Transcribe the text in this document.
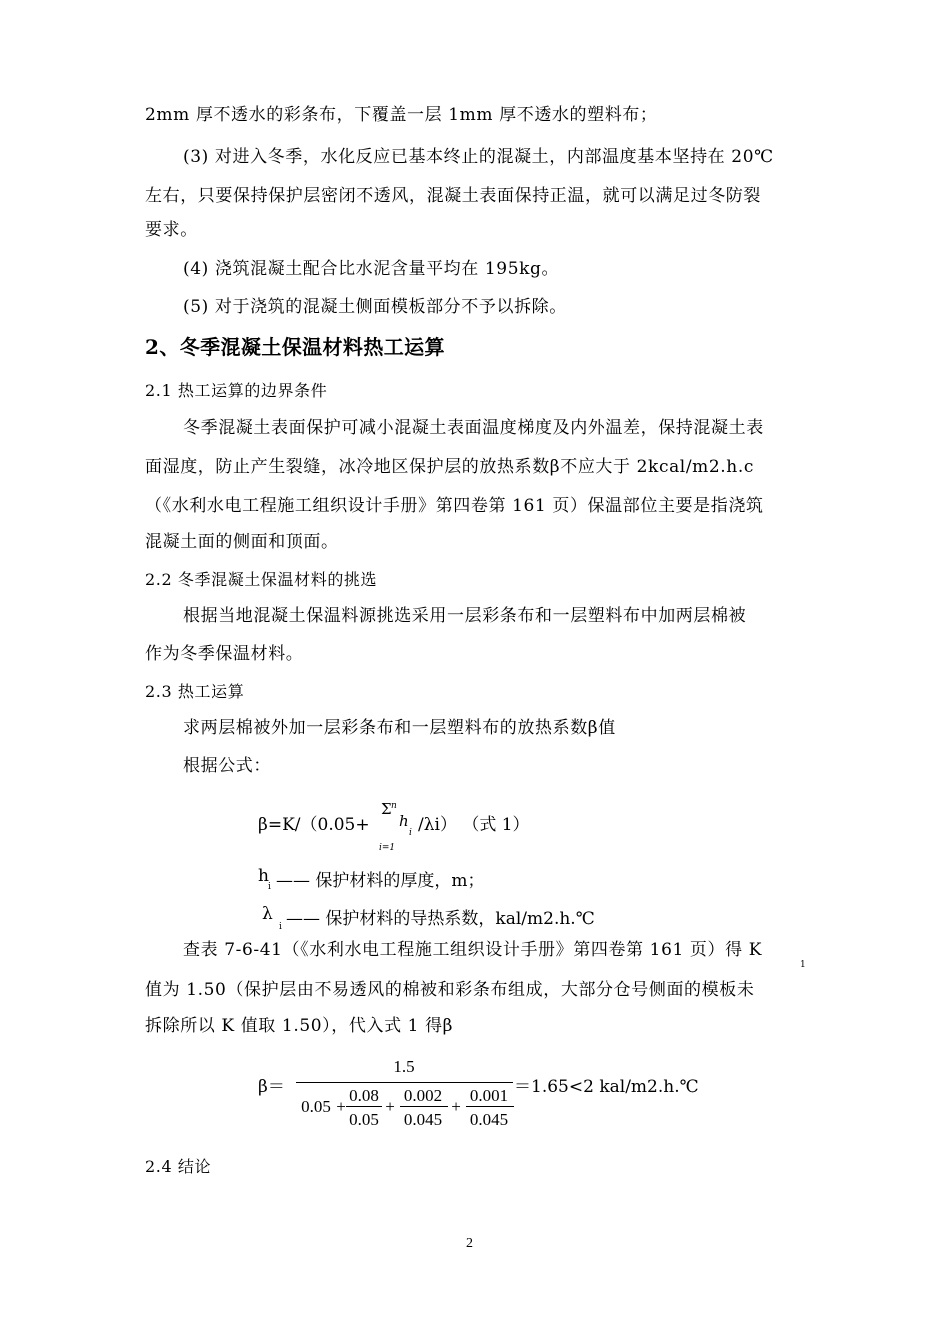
2mm 厚不透水的彩条布，下覆盖一层 1mm 厚不透水的塑料布；
(3) 对进入冬季，水化反应已基本终止的混凝土，内部温度基本坚持在 20℃
左右，只要保持保护层密闭不透风，混凝土表面保持正温，就可以满足过冬防裂
要求。
(4) 浇筑混凝土配合比水泥含量平均在 195kg。
(5) 对于浇筑的混凝土侧面模板部分不予以拆除。
2、冬季混凝土保温材料热工运算
2.1 热工运算的边界条件
冬季混凝土表面保护可减小混凝土表面温度梯度及内外温差，保持混凝土表
面湿度，防止产生裂缝，冰冷地区保护层的放热系数β不应大于 2kcal/m2.h.c
（《水利水电工程施工组织设计手册》第四卷第 161 页）保温部位主要是指浇筑
混凝土面的侧面和顶面。
2.2 冬季混凝土保温材料的挑选
根据当地混凝土保温料源挑选采用一层彩条布和一层塑料布中加两层棉被
作为冬季保温材料。
2.3 热工运算
求两层棉被外加一层彩条布和一层塑料布的放热系数β值
根据公式：
β=K/（0.05+
Σ n
i=1
h
i /λi） （式 1）
h
i —— 保护材料的厚度，m；
λ
i —— 保护材料的导热系数，kal/m2.h.℃
查表 7-6-41（《水利水电工程施工组织设计手册》第四卷第 161 页）得 K
1
值为 1.50（保护层由不易透风的棉被和彩条布组成，大部分仓号侧面的模板未
拆除所以 K 值取 1.50），代入式 1 得β
β＝
1.5
0.05 +
0.08
0.05
+
0.002
0.045
+
0.001
0.045
＝1.65<2 kal/m2.h.℃
2.4 结论
2
